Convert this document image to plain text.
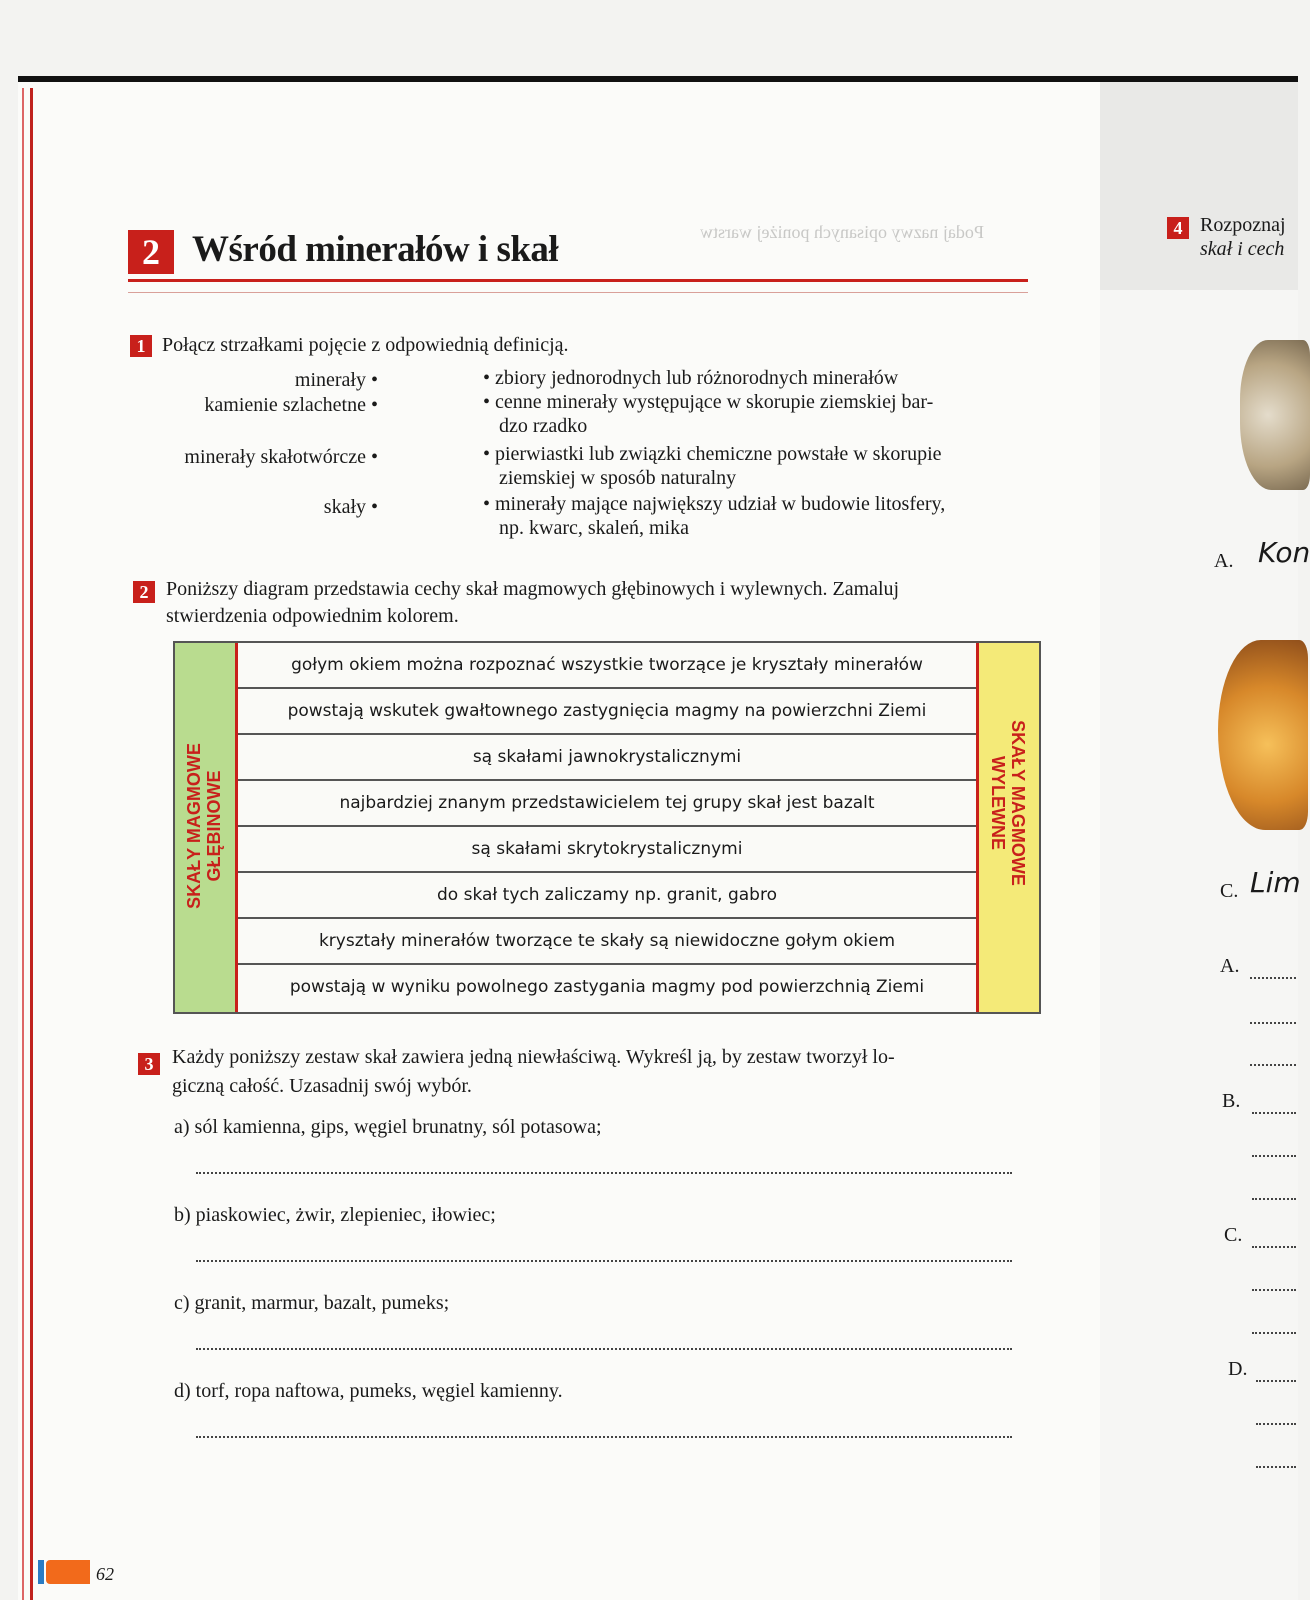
Podaj nazwy opisanych poniżej warstw
2 Wśród minerałów i skał
1 Połącz strzałkami pojęcie z odpowiednią definicją.
minerały •
kamienie szlachetne •
minerały skałotwórcze •
skały •
• zbiory jednorodnych lub różnorodnych minerałów
• cenne minerały występujące w skorupie ziemskiej bar-
dzo rzadko
• pierwiastki lub związki chemiczne powstałe w skorupie
ziemskiej w sposób naturalny
• minerały mające największy udział w budowie litosfery,
np. kwarc, skaleń, mika
2 Poniższy diagram przedstawia cechy skał magmowych głębinowych i wylewnych. Zamaluj
stwierdzenia odpowiednim kolorem.
SKAŁY MAGMOWE GŁĘBINOWE	SKAŁY MAGMOWE
WYLEWNE
gołym okiem można rozpoznać wszystkie tworzące je kryształy minerałów
powstają wskutek gwałtownego zastygnięcia magmy na powierzchni Ziemi
są skałami jawnokrystalicznymi
najbardziej znanym przedstawicielem tej grupy skał jest bazalt
są skałami skrytokrystalicznymi
do skał tych zaliczamy np. granit, gabro
kryształy minerałów tworzące te skały są niewidoczne gołym okiem
powstają w wyniku powolnego zastygania magmy pod powierzchnią Ziemi
3 Każdy poniższy zestaw skał zawiera jedną niewłaściwą. Wykreśl ją, by zestaw tworzył lo-
giczną całość. Uzasadnij swój wybór.
a) sól kamienna, gips, węgiel brunatny, sól potasowa;
b) piaskowiec, żwir, zlepieniec, iłowiec;
c) granit, marmur, bazalt, pumeks;
d) torf, ropa naftowa, pumeks, węgiel kamienny.
62
4 Rozpoznaj
skał i cech
A. Kon
C. Lim
A.
B.
C.
D.
